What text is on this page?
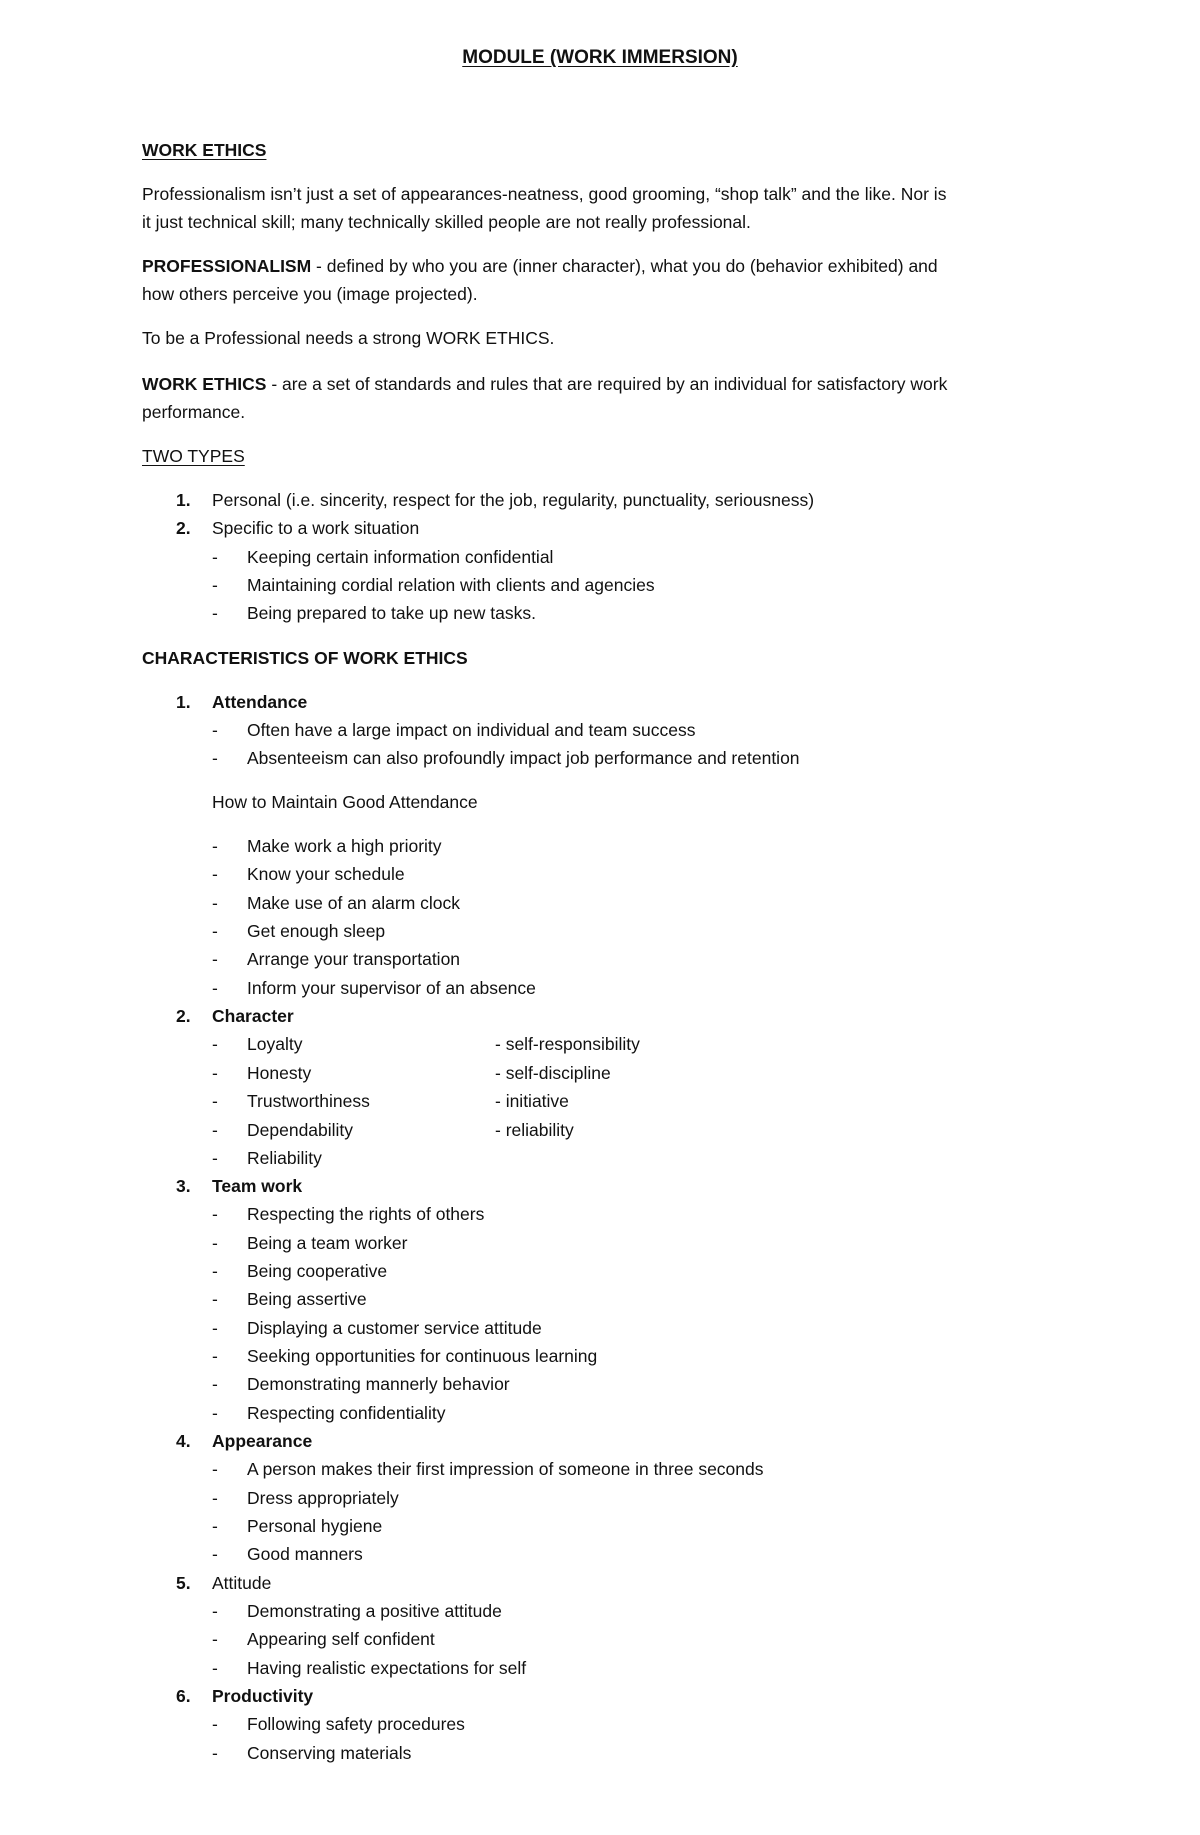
MODULE (WORK IMMERSION)
WORK ETHICS
Professionalism isn’t just a set of appearances-neatness, good grooming, “shop talk” and the like. Nor is
it just technical skill; many technically skilled people are not really professional.
PROFESSIONALISM - defined by who you are (inner character), what you do (behavior exhibited) and
how others perceive you (image projected).
To be a Professional needs a strong WORK ETHICS.
WORK ETHICS - are a set of standards and rules that are required by an individual for satisfactory work
performance.
TWO TYPES
1.	Personal (i.e. sincerity, respect for the job, regularity, punctuality, seriousness)
2.	Specific to a work situation
-	Keeping certain information confidential
-	Maintaining cordial relation with clients and agencies
-	Being prepared to take up new tasks.
CHARACTERISTICS OF WORK ETHICS
1.	Attendance
-	Often have a large impact on individual and team success
-	Absenteeism can also profoundly impact job performance and retention
How to Maintain Good Attendance
-	Make work a high priority
-	Know your schedule
-	Make use of an alarm clock
-	Get enough sleep
-	Arrange your transportation
-	Inform your supervisor of an absence
2.	Character
-	Loyalty	- self-responsibility
-	Honesty	- self-discipline
-	Trustworthiness	- initiative
-	Dependability	- reliability
-	Reliability
3.	Team work
-	Respecting the rights of others
-	Being a team worker
-	Being cooperative
-	Being assertive
-	Displaying a customer service attitude
-	Seeking opportunities for continuous learning
-	Demonstrating mannerly behavior
-	Respecting confidentiality
4.	Appearance
-	A person makes their first impression of someone in three seconds
-	Dress appropriately
-	Personal hygiene
-	Good manners
5.	Attitude
-	Demonstrating a positive attitude
-	Appearing self confident
-	Having realistic expectations for self
6.	Productivity
-	Following safety procedures
-	Conserving materials
